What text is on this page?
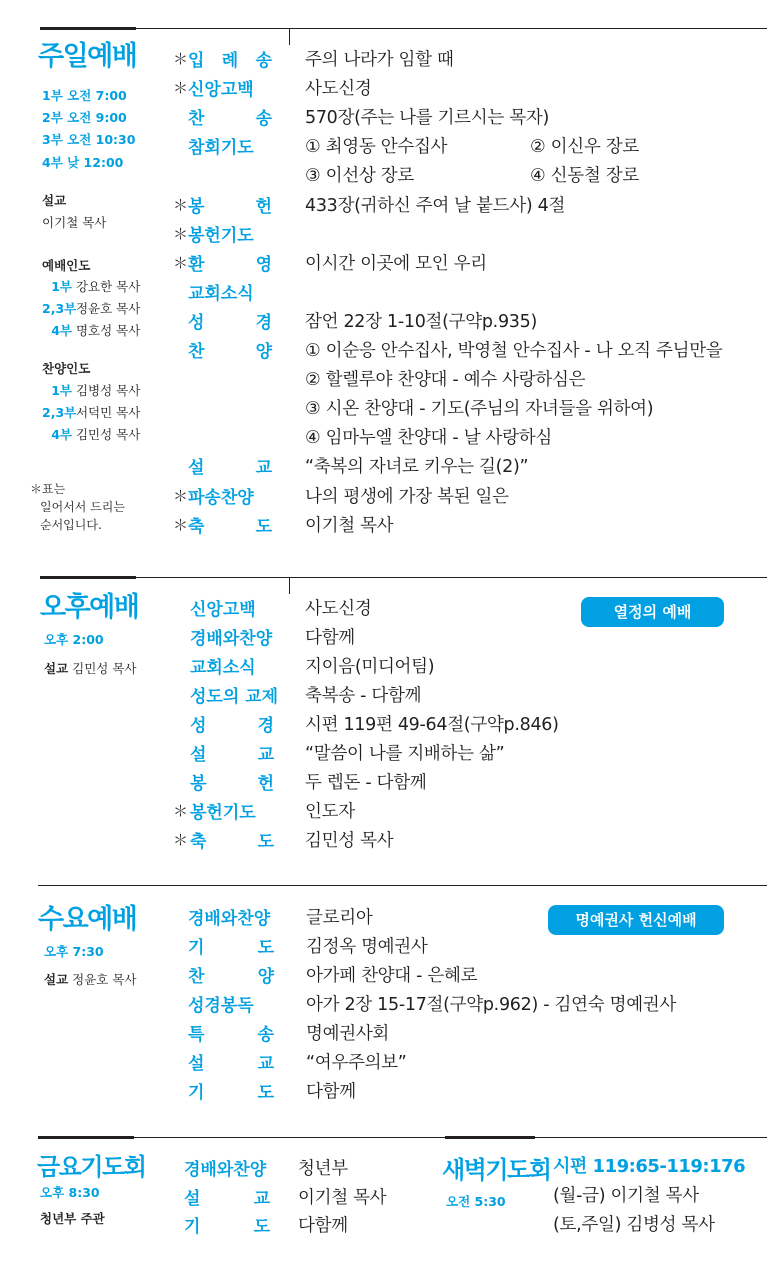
주일예배
1부 오전 7:00
2부 오전 9:00
3부 오전 10:30
4부 낮 12:00
설교
이기철 목사
예배인도
1부 강요한 목사
2,3부 정윤호 목사
4부 명호성 목사
찬양인도
1부 김병성 목사
2,3부 서덕민 목사
4부 김민성 목사
＊표는
일어서서 드리는
순서입니다.
＊ 입 례 송 주의 나라가 임할 때
＊ 신앙고백	사도신경
찬 송 570장(주는 나를 기르시는 목자)
참회기도	① 최영동 안수집사	② 이신우 장로
③ 이선상 장로	④ 신동철 장로
＊ 봉 헌 433장(귀하신 주여 날 붙드사) 4절
＊ 봉헌기도
＊ 환 영 이시간 이곳에 모인 우리
교회소식
성 경 잠언 22장 1-10절(구약p.935)
찬 양 ① 이순응 안수집사, 박영철 안수집사 - 나 오직 주님만을
② 할렐루야 찬양대 - 예수 사랑하심은
③ 시온 찬양대 - 기도(주님의 자녀들을 위하여)
④ 임마누엘 찬양대 - 날 사랑하심
설 교 “축복의 자녀로 키우는 길(2)”
＊ 파송찬양	나의 평생에 가장 복된 일은
＊ 축 도 이기철 목사
오후예배
오후 2:00
설교 김민성 목사
열정의 예배
신앙고백	사도신경
경배와찬양 다함께
교회소식	지이음(미디어팀)
성도의 교제 축복송 - 다함께
성 경 시편 119편 49-64절(구약p.846)
설 교 “말씀이 나를 지배하는 삶”
봉 헌 두 렙돈 - 다함께
＊ 봉헌기도	인도자
＊ 축 도 김민성 목사
수요예배
오후 7:30
설교 정윤호 목사
명예권사 헌신예배
경배와찬양 글로리아
기 도 김정옥 명예권사
찬 양 아가페 찬양대 - 은혜로
성경봉독	아가 2장 15-17절(구약p.962) - 김연숙 명예권사
특 송 명예권사회
설 교 “여우주의보”
기 도 다함께
금요기도회
오후 8:30
청년부 주관
경배와찬양 청년부
설 교 이기철 목사
기 도 다함께
새벽기도회
오전 5:30
시편 119:65-119:176
(월-금) 이기철 목사
(토,주일) 김병성 목사
